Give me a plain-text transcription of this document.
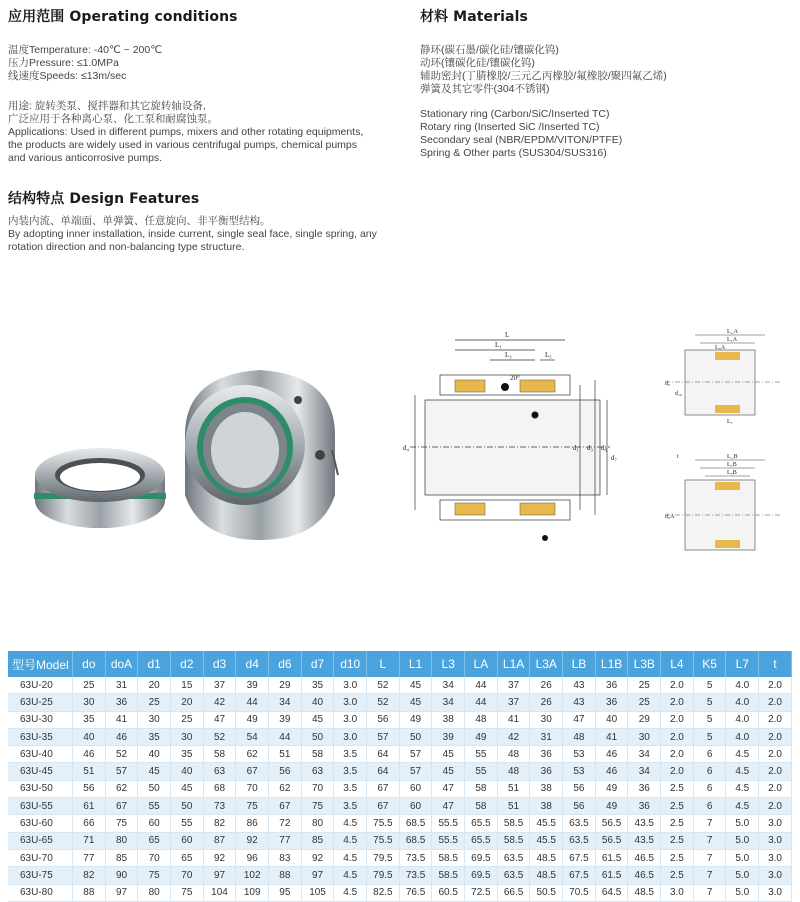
应用范围 Operating conditions
温度Temperature: -40℃ ~ 200℃
压力Pressure: ≤1.0MPa
线速度Speeds: ≤13m/sec
用途: 旋转类泵、搅拌器和其它旋转轴设备,
广泛应用于各种离心泵、化工泵和耐腐蚀泵。
Applications: Used in different pumps, mixers and other rotating equipments,
the products are widely used in various centrifugal pumps, chemical pumps
and various anticorrosive pumps.
结构特点 Design Features
内装内流、单端面、单弹簧、任意旋向、非平衡型结构。
By adopting inner installation, inside current, single seal face, single spring, any
rotation direction and non-balancing type structure.
材料 Materials
静环(碳石墨/碳化硅/镶碳化钨)
动环(镶碳化硅/镶碳化钨)
辅助密封(丁腈橡胶/三元乙丙橡胶/氟橡胶/聚四氟乙烯)
弹簧及其它零件(304不锈钢)
Stationary ring (Carbon/SiC/Inserted TC)
Rotary ring (Inserted SiC /Inserted TC)
Secondary seal (NBR/EPDM/VITON/PTFE)
Spring & Other parts (SUS304/SUS316)
L
L₁
L₃	L₅
20°
d₄	d₁ d₃ d₆
d₇
L_A
L₁A
L₃A
d₀
d₁₀
L₇
L_B
L₁B
L₃B
t
d₀A
型号Model	do	doA	d1	d2	d3	d4	d6	d7	d10	L	L1	L3	LA	L1A	L3A	LB	L1B	L3B	L4	K5	L7	t
63U-20	25	31	20	15	37	39	29	35	3.0	52	45	34	44	37	26	43	36	25	2.0	5	4.0	2.0
63U-25	30	36	25	20	42	44	34	40	3.0	52	45	34	44	37	26	43	36	25	2.0	5	4.0	2.0
63U-30	35	41	30	25	47	49	39	45	3.0	56	49	38	48	41	30	47	40	29	2.0	5	4.0	2.0
63U-35	40	46	35	30	52	54	44	50	3.0	57	50	39	49	42	31	48	41	30	2.0	5	4.0	2.0
63U-40	46	52	40	35	58	62	51	58	3.5	64	57	45	55	48	36	53	46	34	2.0	6	4.5	2.0
63U-45	51	57	45	40	63	67	56	63	3.5	64	57	45	55	48	36	53	46	34	2.0	6	4.5	2.0
63U-50	56	62	50	45	68	70	62	70	3.5	67	60	47	58	51	38	56	49	36	2.5	6	4.5	2.0
63U-55	61	67	55	50	73	75	67	75	3.5	67	60	47	58	51	38	56	49	36	2.5	6	4.5	2.0
63U-60	66	75	60	55	82	86	72	80	4.5	75.5	68.5	55.5	65.5	58.5	45.5	63.5	56.5	43.5	2.5	7	5.0	3.0
63U-65	71	80	65	60	87	92	77	85	4.5	75.5	68.5	55.5	65.5	58.5	45.5	63.5	56.5	43.5	2.5	7	5.0	3.0
63U-70	77	85	70	65	92	96	83	92	4.5	79.5	73.5	58.5	69.5	63.5	48.5	67.5	61.5	46.5	2.5	7	5.0	3.0
63U-75	82	90	75	70	97	102	88	97	4.5	79.5	73.5	58.5	69.5	63.5	48.5	67.5	61.5	46.5	2.5	7	5.0	3.0
63U-80	88	97	80	75	104	109	95	105	4.5	82.5	76.5	60.5	72.5	66.5	50.5	70.5	64.5	48.5	3.0	7	5.0	3.0
